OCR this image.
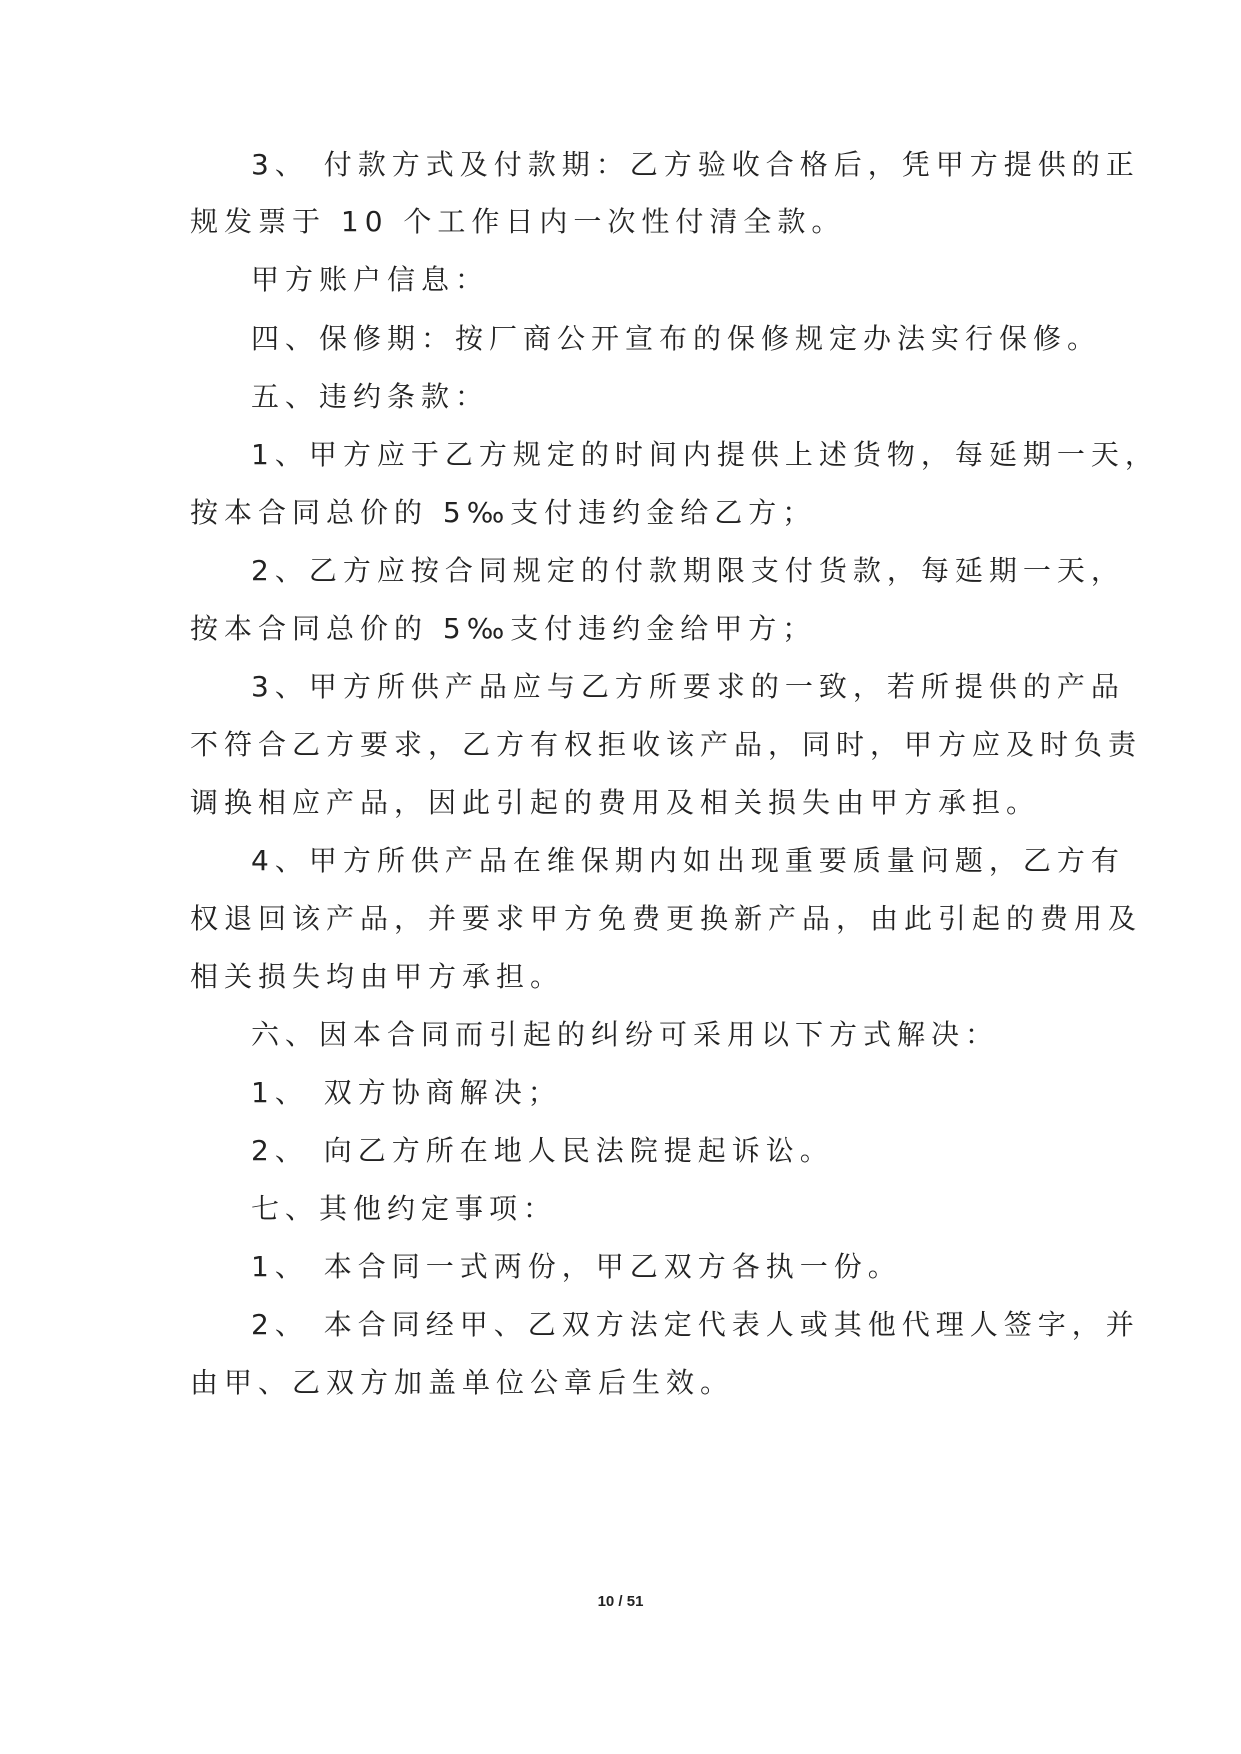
3、 付款方式及付款期：乙方验收合格后，凭甲方提供的正
规发票于 10 个工作日内一次性付清全款。
甲方账户信息：
四、保修期：按厂商公开宣布的保修规定办法实行保修。
五、违约条款：
1、甲方应于乙方规定的时间内提供上述货物，每延期一天，
按本合同总价的 5‰支付违约金给乙方；
2、乙方应按合同规定的付款期限支付货款，每延期一天，
按本合同总价的 5‰支付违约金给甲方；
3、甲方所供产品应与乙方所要求的一致，若所提供的产品
不符合乙方要求，乙方有权拒收该产品，同时，甲方应及时负责
调换相应产品，因此引起的费用及相关损失由甲方承担。
4、甲方所供产品在维保期内如出现重要质量问题，乙方有
权退回该产品，并要求甲方免费更换新产品，由此引起的费用及
相关损失均由甲方承担。
六、因本合同而引起的纠纷可采用以下方式解决：
1、 双方协商解决；
2、 向乙方所在地人民法院提起诉讼。
七、其他约定事项：
1、 本合同一式两份，甲乙双方各执一份。
2、 本合同经甲、乙双方法定代表人或其他代理人签字，并
由甲、乙双方加盖单位公章后生效。
10 / 51
